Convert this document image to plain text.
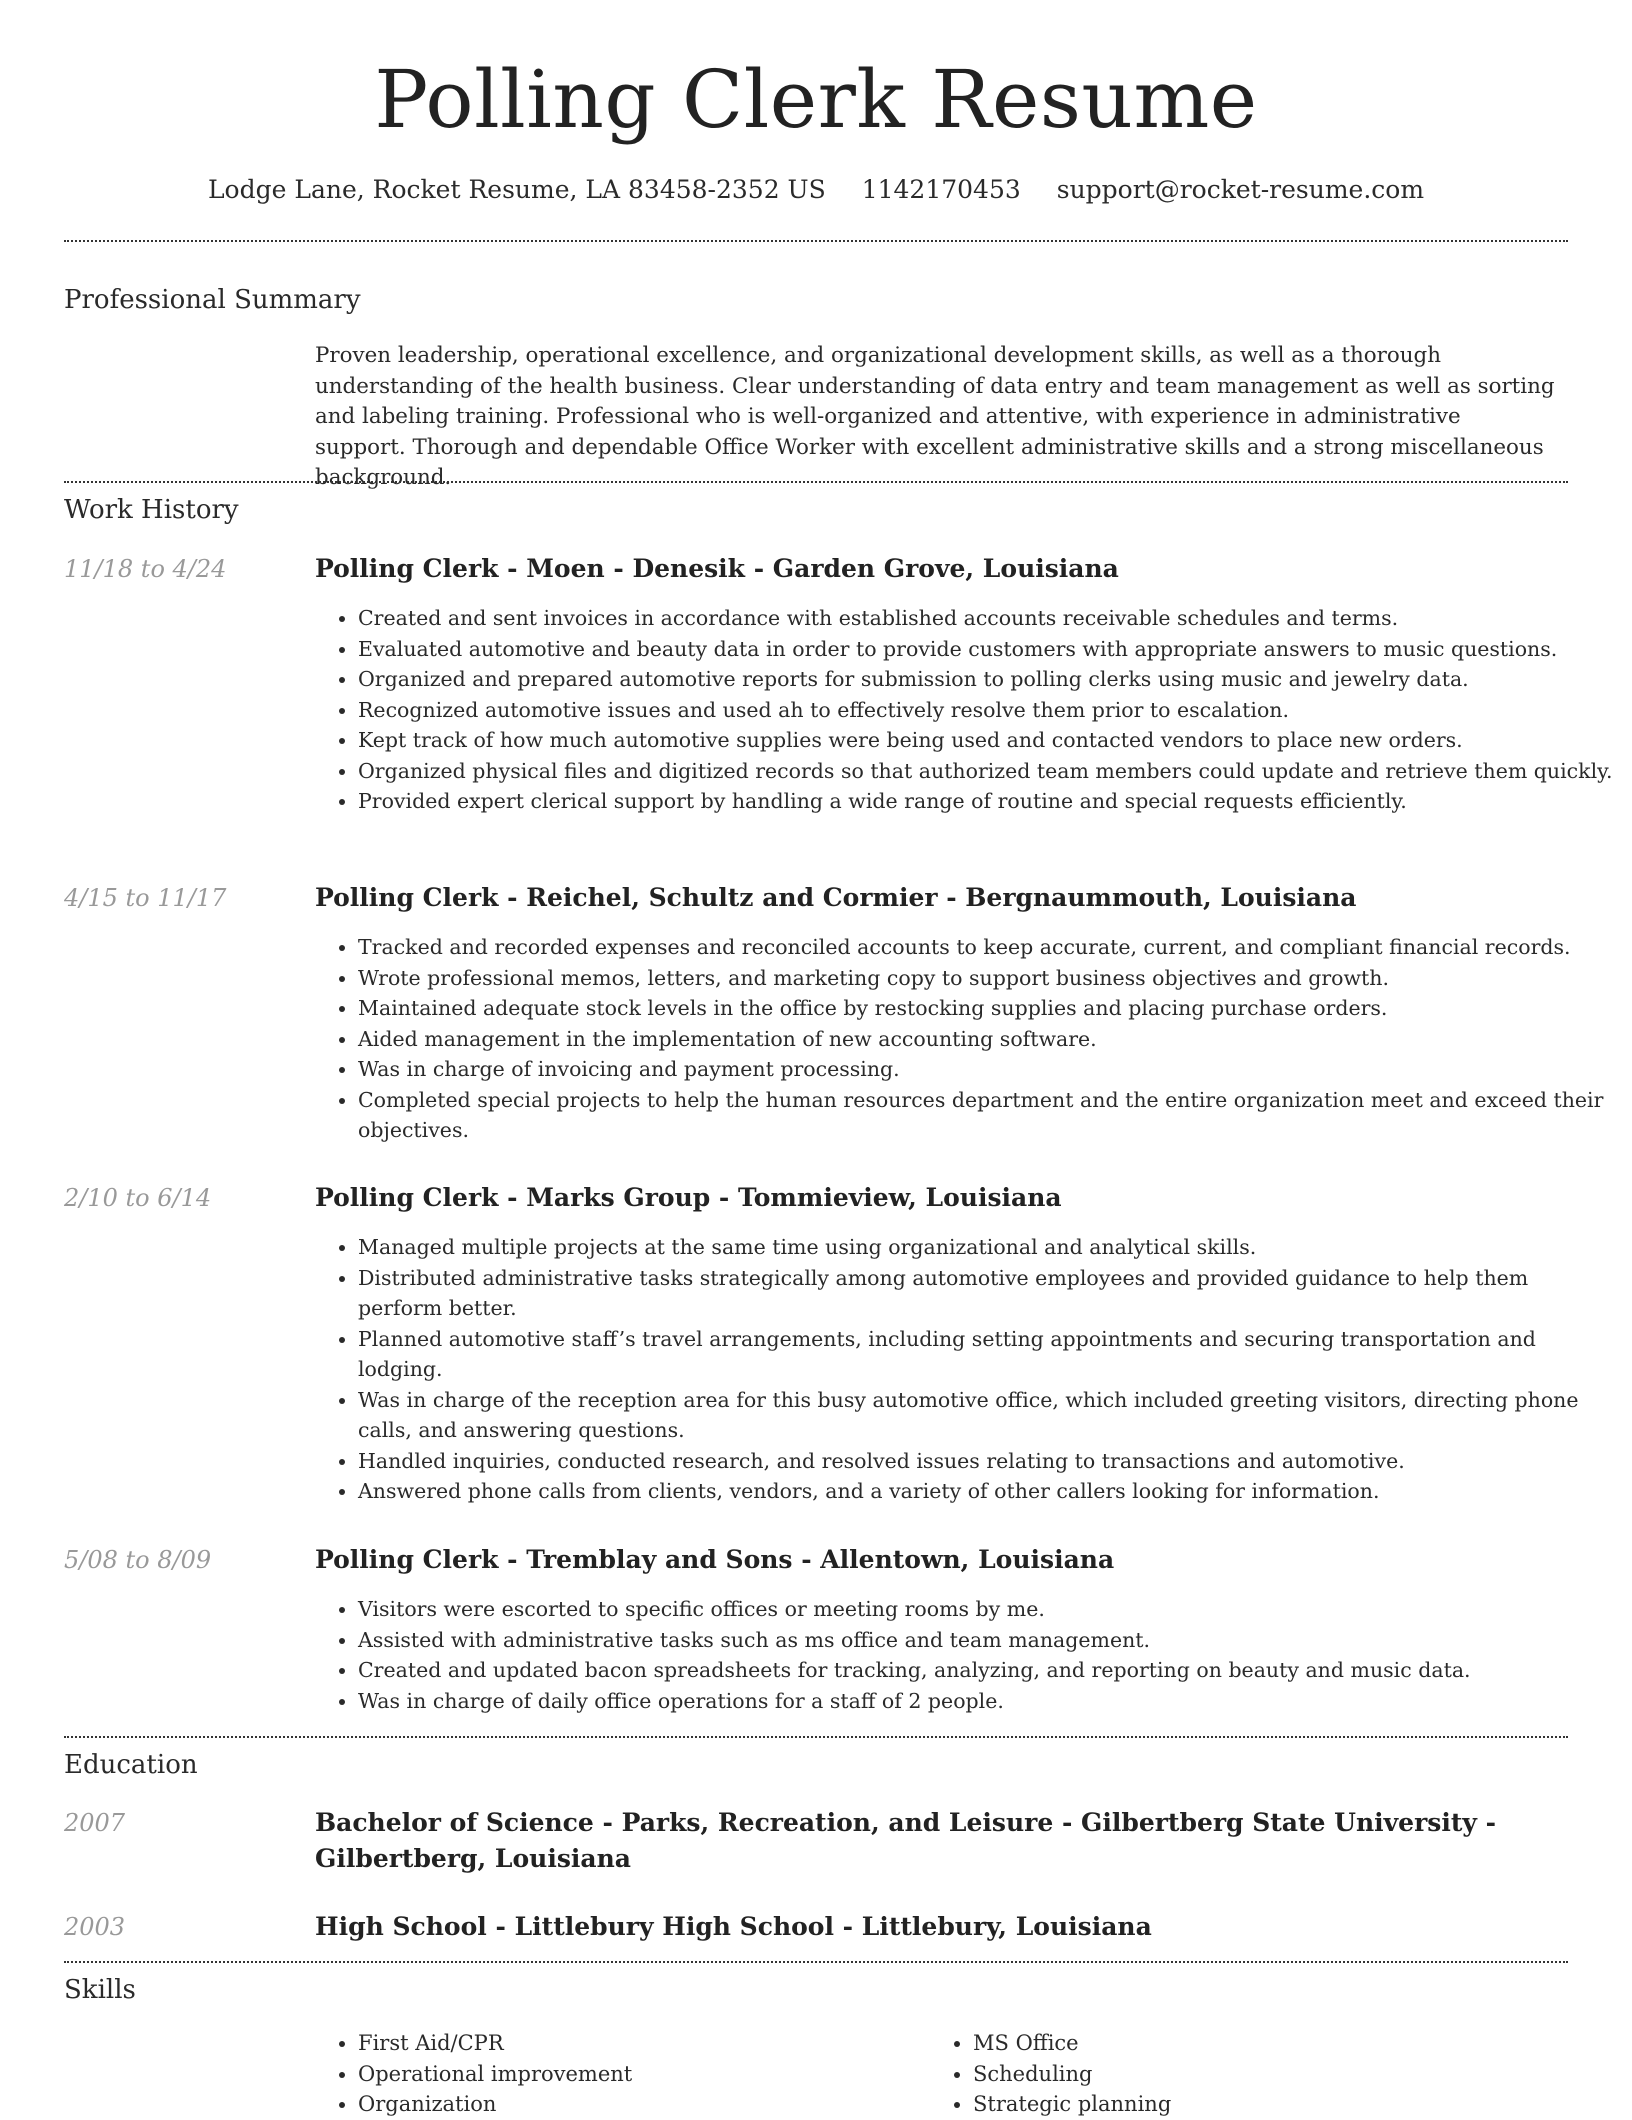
Polling Clerk Resume
Lodge Lane, Rocket Resume, LA 83458-2352 US 1142170453 support@rocket-resume.com
Professional Summary

Proven leadership, operational excellence, and organizational development skills, as well as a thorough understanding of the health business. Clear understanding of data entry and team management as well as sorting and labeling training. Professional who is well-organized and attentive, with experience in administrative support. Thorough and dependable Office Worker with excellent administrative skills and a strong miscellaneous background.

Work History
11/18 to 4/24	Polling Clerk - Moen - Denesik - Garden Grove, Louisiana
• Created and sent invoices in accordance with established accounts receivable schedules and terms.
• Evaluated automotive and beauty data in order to provide customers with appropriate answers to music questions.
• Organized and prepared automotive reports for submission to polling clerks using music and jewelry data.
• Recognized automotive issues and used ah to effectively resolve them prior to escalation.
• Kept track of how much automotive supplies were being used and contacted vendors to place new orders.
• Organized physical files and digitized records so that authorized team members could update and retrieve them quickly.
• Provided expert clerical support by handling a wide range of routine and special requests efficiently.
4/15 to 11/17	Polling Clerk - Reichel, Schultz and Cormier - Bergnaummouth, Louisiana
• Tracked and recorded expenses and reconciled accounts to keep accurate, current, and compliant financial records.
• Wrote professional memos, letters, and marketing copy to support business objectives and growth.
• Maintained adequate stock levels in the office by restocking supplies and placing purchase orders.
• Aided management in the implementation of new accounting software.
• Was in charge of invoicing and payment processing.
• Completed special projects to help the human resources department and the entire organization meet and exceed their objectives.
2/10 to 6/14	Polling Clerk - Marks Group - Tommieview, Louisiana
• Managed multiple projects at the same time using organizational and analytical skills.
• Distributed administrative tasks strategically among automotive employees and provided guidance to help them perform better.
• Planned automotive staff’s travel arrangements, including setting appointments and securing transportation and lodging.
• Was in charge of the reception area for this busy automotive office, which included greeting visitors, directing phone calls, and answering questions.
• Handled inquiries, conducted research, and resolved issues relating to transactions and automotive.
• Answered phone calls from clients, vendors, and a variety of other callers looking for information.
5/08 to 8/09	Polling Clerk - Tremblay and Sons - Allentown, Louisiana
• Visitors were escorted to specific offices or meeting rooms by me.
• Assisted with administrative tasks such as ms office and team management.
• Created and updated bacon spreadsheets for tracking, analyzing, and reporting on beauty and music data.
• Was in charge of daily office operations for a staff of 2 people.
Education
2007	Bachelor of Science - Parks, Recreation, and Leisure - Gilbertberg State University - Gilbertberg, Louisiana
2003	High School - Littlebury High School - Littlebury, Louisiana
Skills
• First Aid/CPR
• Operational improvement
• Organization
• MS Office
• Scheduling
• Strategic planning
